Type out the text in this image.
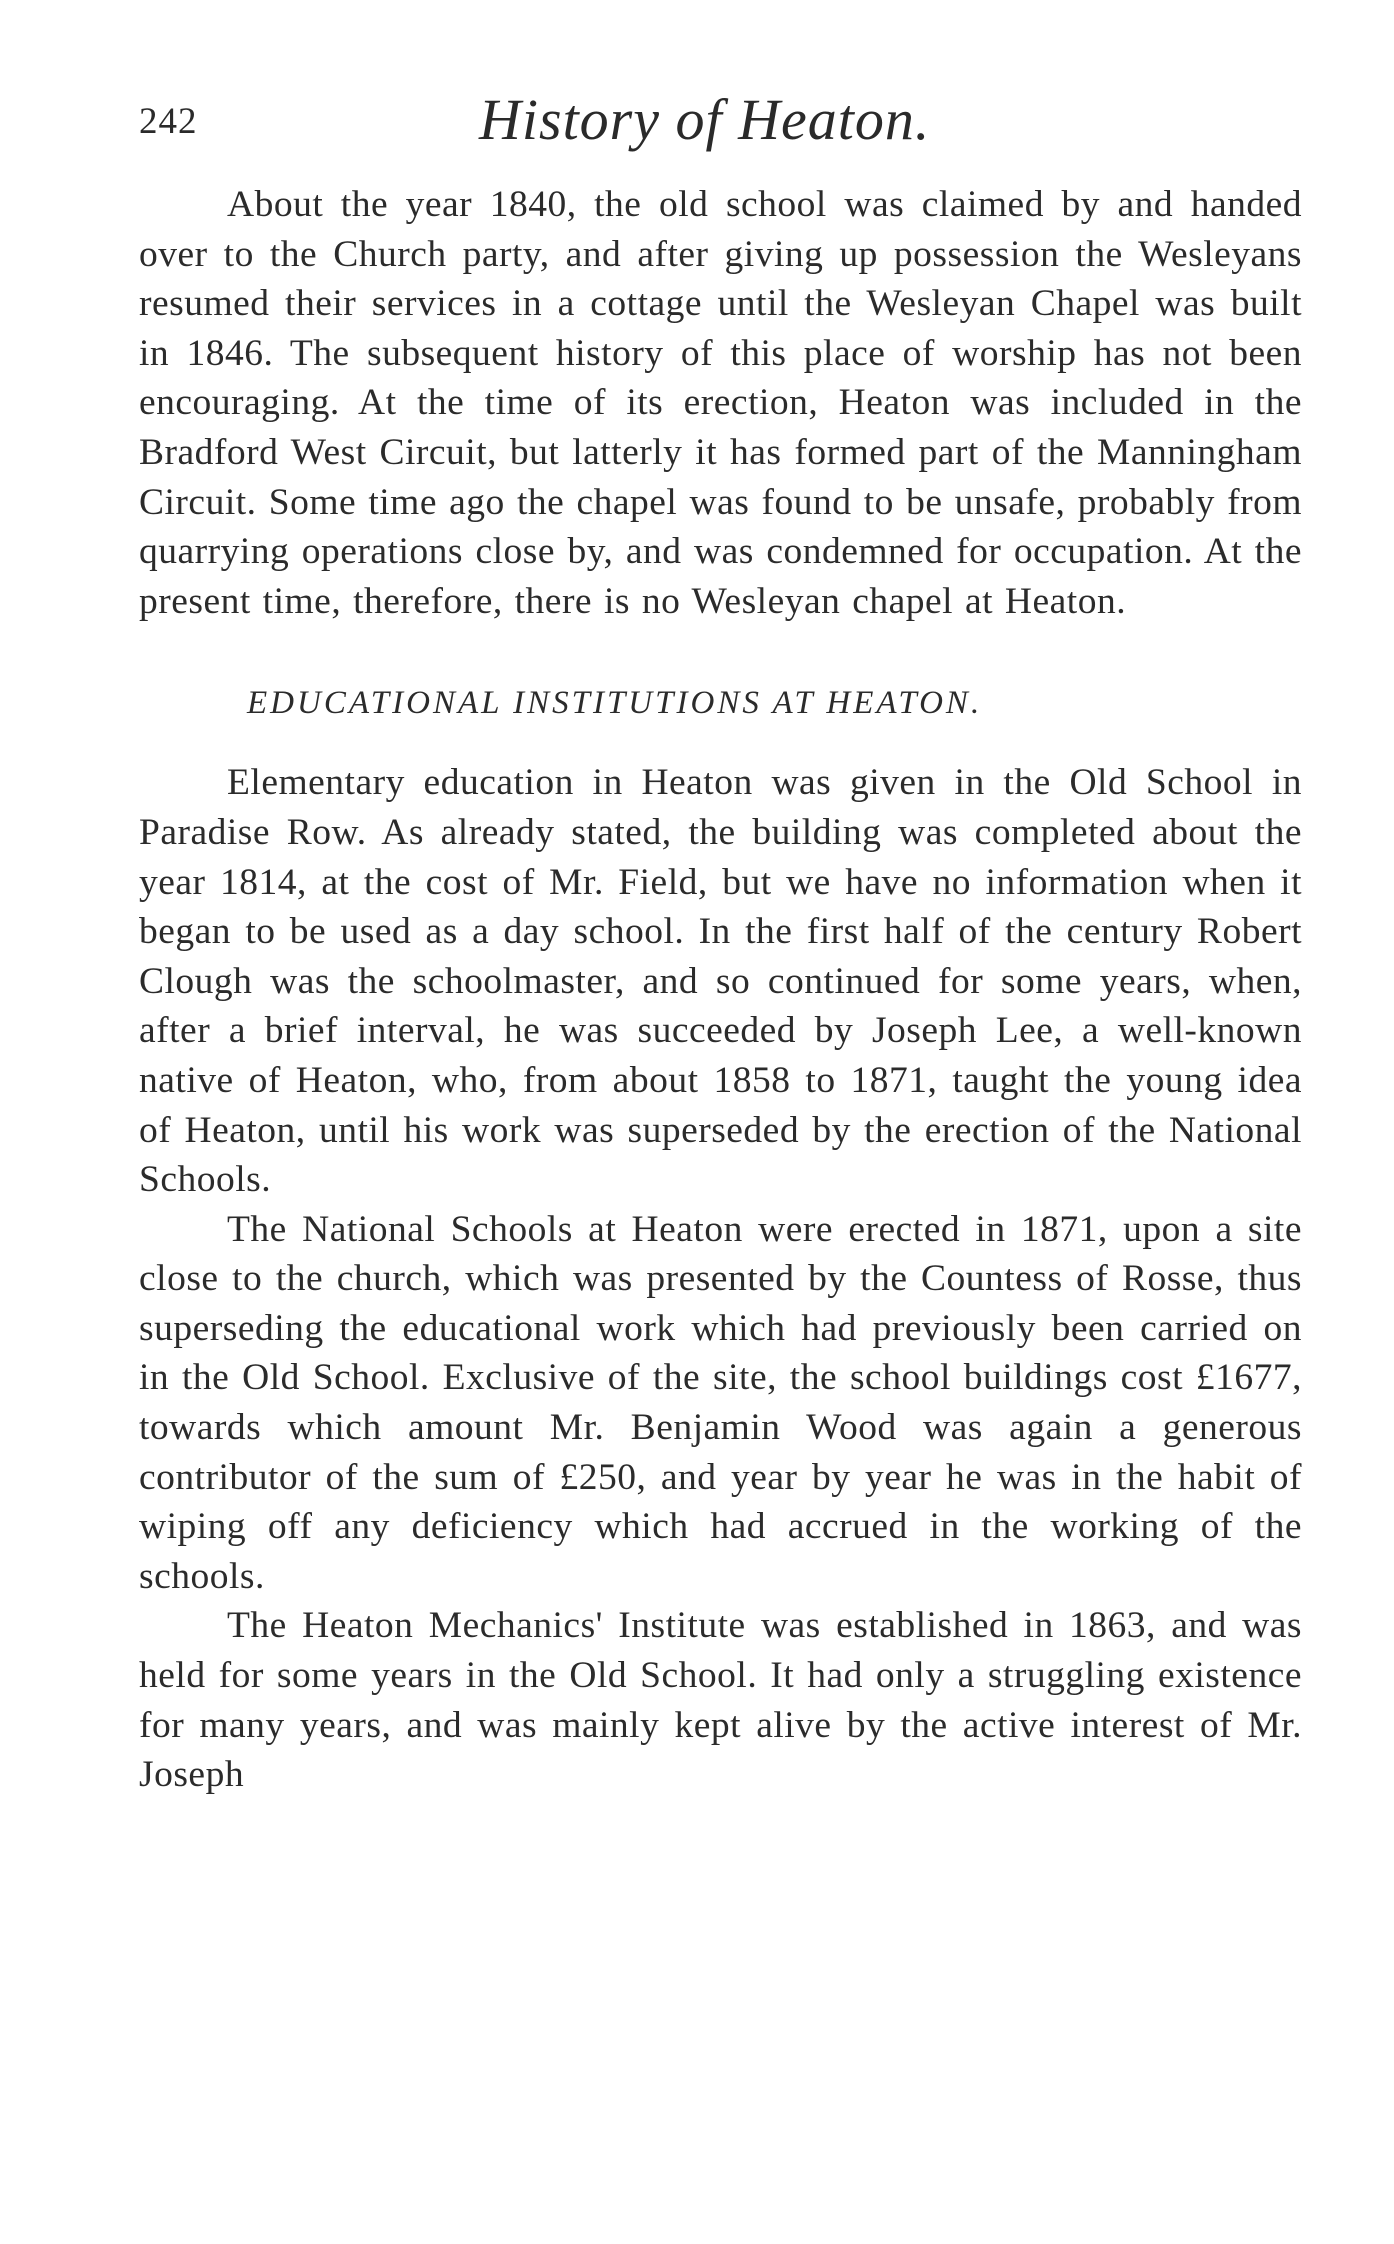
242	History of Heaton.

About the year 1840, the old school was claimed by and handed over to the Church party, and after giving up possession the Wesleyans resumed their services in a cottage until the Wesleyan Chapel was built in 1846. The subsequent history of this place of worship has not been encouraging. At the time of its erection, Heaton was included in the Bradford West Circuit, but latterly it has formed part of the Manningham Circuit. Some time ago the chapel was found to be unsafe, probably from quarrying operations close by, and was condemned for occupation. At the present time, therefore, there is no Wesleyan chapel at Heaton.

EDUCATIONAL INSTITUTIONS AT HEATON.

Elementary education in Heaton was given in the Old School in Paradise Row. As already stated, the building was completed about the year 1814, at the cost of Mr. Field, but we have no information when it began to be used as a day school. In the first half of the century Robert Clough was the schoolmaster, and so continued for some years, when, after a brief interval, he was succeeded by Joseph Lee, a well-known native of Heaton, who, from about 1858 to 1871, taught the young idea of Heaton, until his work was superseded by the erection of the National Schools.

The National Schools at Heaton were erected in 1871, upon a site close to the church, which was presented by the Countess of Rosse, thus superseding the educational work which had previously been carried on in the Old School. Exclusive of the site, the school buildings cost £1677, towards which amount Mr. Benjamin Wood was again a generous contributor of the sum of £250, and year by year he was in the habit of wiping off any deficiency which had accrued in the working of the schools.

The Heaton Mechanics' Institute was established in 1863, and was held for some years in the Old School. It had only a struggling existence for many years, and was mainly kept alive by the active interest of Mr. Joseph
